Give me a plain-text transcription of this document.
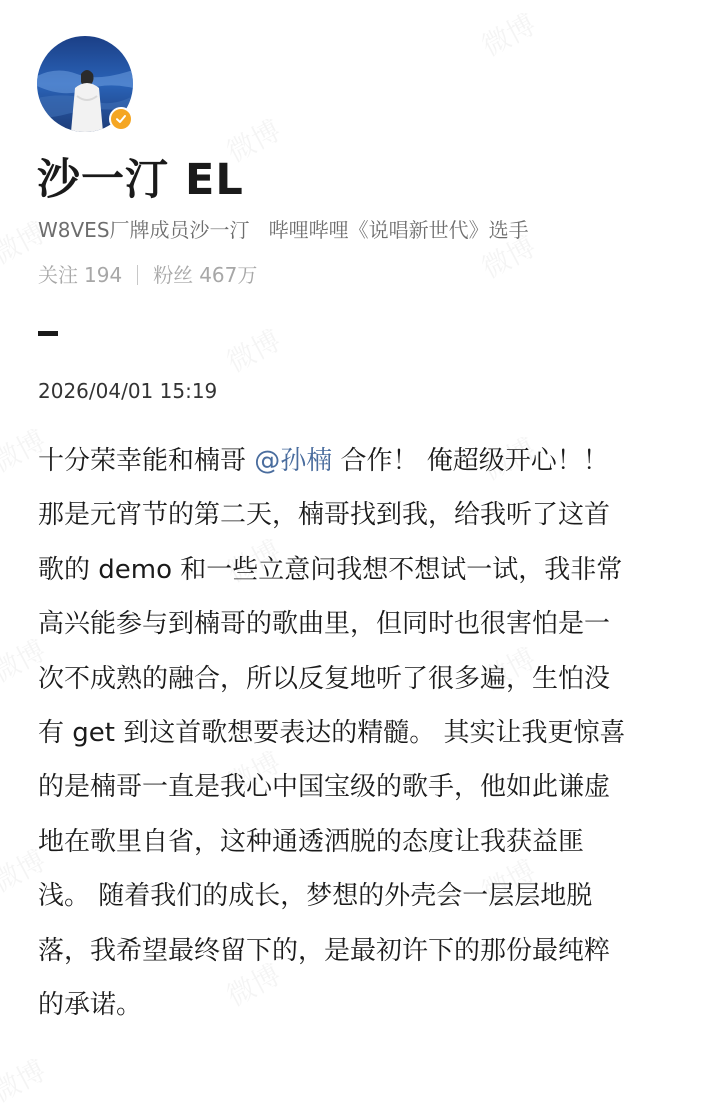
沙一汀 EL
W8VES厂牌成员沙一汀   哔哩哔哩《说唱新世代》选手
关注 194 粉丝 467万
2026/04/01 15:19
十分荣幸能和楠哥 @孙楠 合作！ 俺超级开心！！
那是元宵节的第二天，楠哥找到我，给我听了这首
歌的 demo 和一些立意问我想不想试一试，我非常
高兴能参与到楠哥的歌曲里，但同时也很害怕是一
次不成熟的融合，所以反复地听了很多遍，生怕没
有 get 到这首歌想要表达的精髓。 其实让我更惊喜
的是楠哥一直是我心中国宝级的歌手，他如此谦虚
地在歌里自省，这种通透洒脱的态度让我获益匪
浅。 随着我们的成长，梦想的外壳会一层层地脱
落，我希望最终留下的，是最初许下的那份最纯粹
的承诺。
